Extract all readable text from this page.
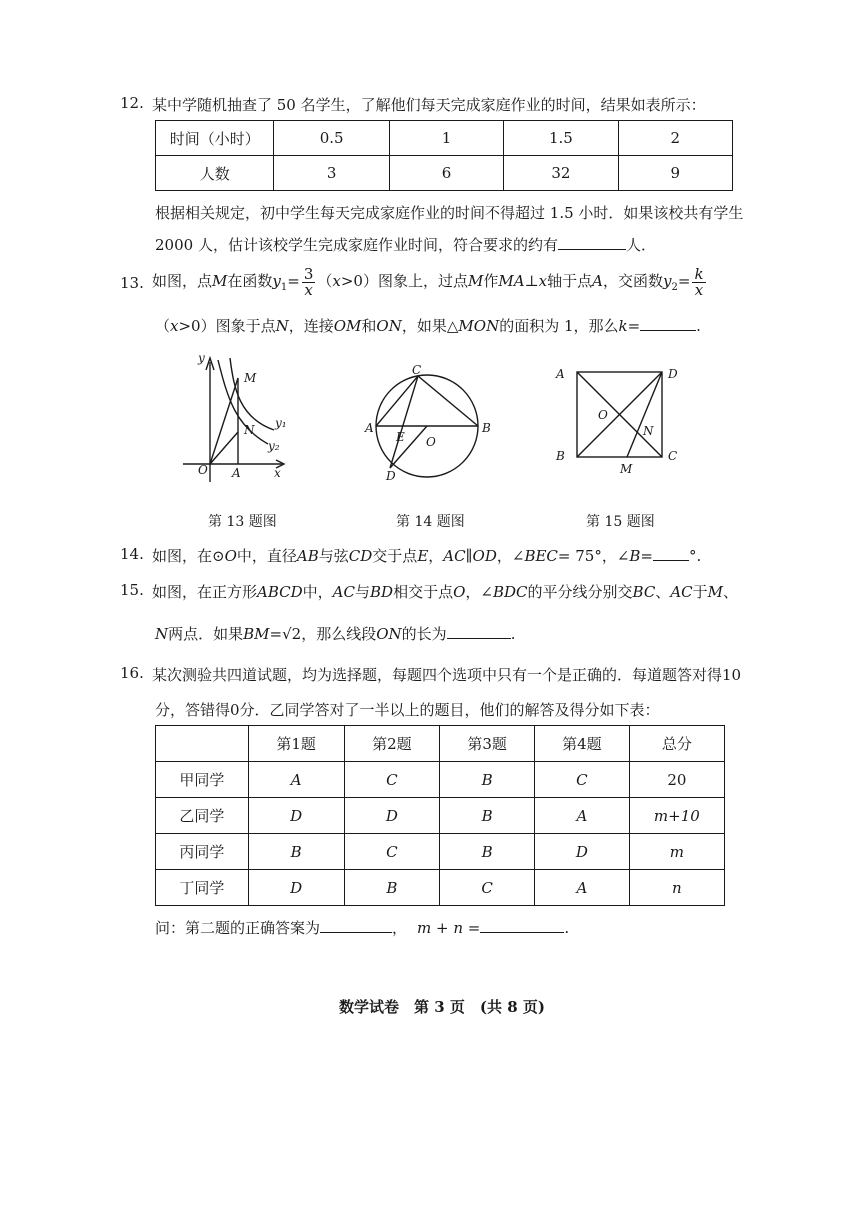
12. 某中学随机抽查了 50 名学生，了解他们每天完成家庭作业的时间，结果如表所示：
时间（小时）	0.5	1	1.5	2
人数	3	6	32	9
根据相关规定，初中学生每天完成家庭作业的时间不得超过 1.5 小时．如果该校共有学生
2000 人，估计该校学生完成家庭作业时间，符合要求的约有	人．
13. 如图，点M在函数$y_1= \frac{3}{x} (x>0)$图象上，过点M作MA⊥x轴于点A，交函数$y_2= \frac{k}{x}$
（x>0）图象于点N，连接OM和ON，如果△MON的面积为 1，那么k=	.
y
M
y₁
N
y₂
O A	x
第 13 题图
C
A
E O
B
D
第 14 题图
A	D
O
N
B
M
C
第 15 题图
14. 如图，在⊙O中，直径AB与弦CD交于点E，AC∥OD，∠BEC= 75°，∠B= °.
15. 如图，在正方形ABCD中，AC与BD相交于点O，∠BDC的平分线分别交BC、AC于M、
N两点．如果BM=√2，那么线段ON的长为	.
16. 某次测验共四道试题，均为选择题，每题四个选项中只有一个是正确的．每道题答对得10
分，答错得0分．乙同学答对了一半以上的题目，他们的解答及得分如下表：
	第1题	第2题	第3题	第4题	总分
甲同学	A	C	B	C	20
乙同学	D	D	B	A	m+10
丙同学	B	C	B	D	m
丁同学	D	B	C	A	n
问：第二题的正确答案为	， m + n =	.
数学试卷　第 3 页　(共 8 页)
